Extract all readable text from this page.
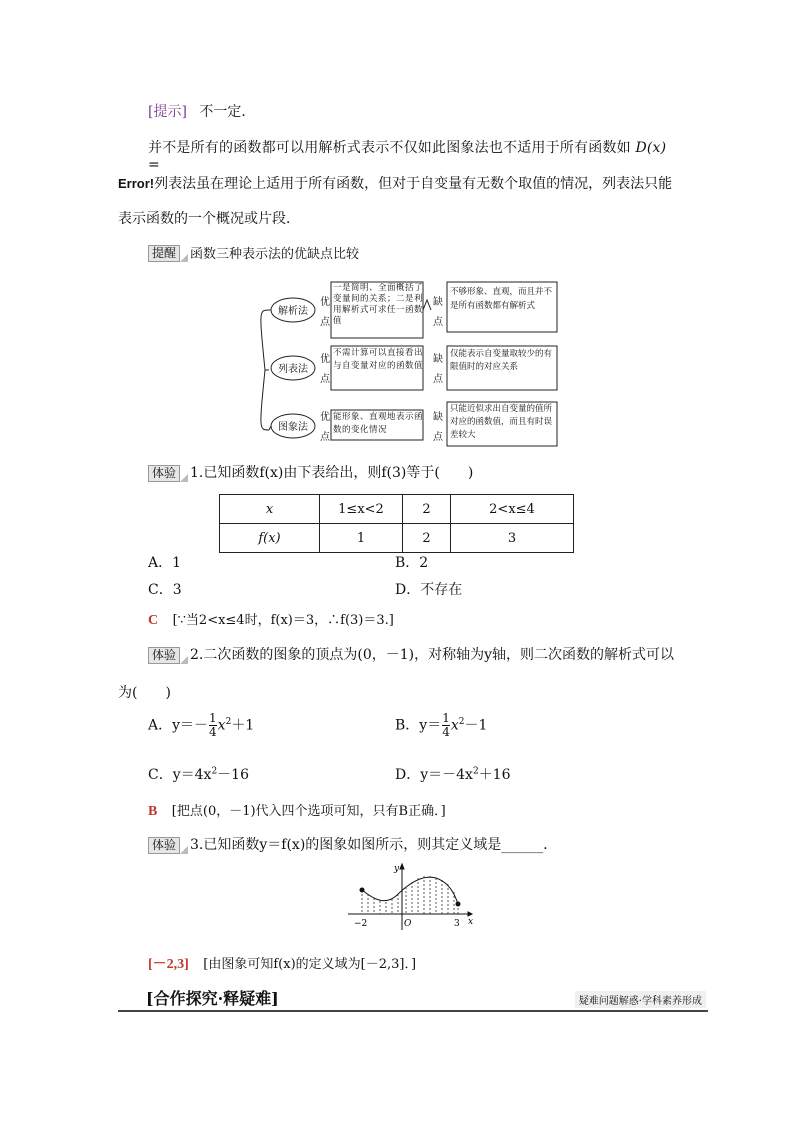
[提示] 不一定．
并不是所有的函数都可以用解析式表示不仅如此图象法也不适用于所有函数如 D(x) =
Error!列表法虽在理论上适用于所有函数，但对于自变量有无数个取值的情况，列表法只能
表示函数的一个概况或片段．
提醒	函数三种表示法的优缺点比较
解析法
优
点
缺
点
列表法
优
点
缺
点
图象法
优
点
缺
点
一是简明、全面概括了变量间的关系；二是利用解析式可求任一函数值
不够形象、直观，而且并不是所有函数都有解析式
不需计算可以直接看出与自变量对应的函数值
仅能表示自变量取较少的有限值时的对应关系
能形象、直观地表示函数的变化情况
只能近似求出自变量的值所对应的函数值，而且有时误差较大
体验 1.已知函数f(x)由下表给出，则f(3)等于(　　)
x	1≤x<2	2	2<x≤4
f(x)	1	2	3
A．1	B．2
C．3	D．不存在
C [∵当2<x≤4时，f(x)＝3，∴f(3)＝3.]
体验 2.二次函数的图象的顶点为(0，－1)，对称轴为y轴，则二次函数的解析式可以
为(　　)
A．$y=- \frac{1}{4} x^2+1$	B．$y= \frac{1}{4} x^2-1$
C．$y=4x^2-16$	D．$y=-4x^2+16$
B [把点(0，－1)代入四个选项可知，只有B正确．]
体验 3.已知函数y＝f(x)的图象如图所示，则其定义域是 ______ ．
y
x
O
−2	3
[－2,3] [由图象可知f(x)的定义域为[－2,3]．]
[合作探究·释疑难]	疑难问题解惑·学科素养形成
